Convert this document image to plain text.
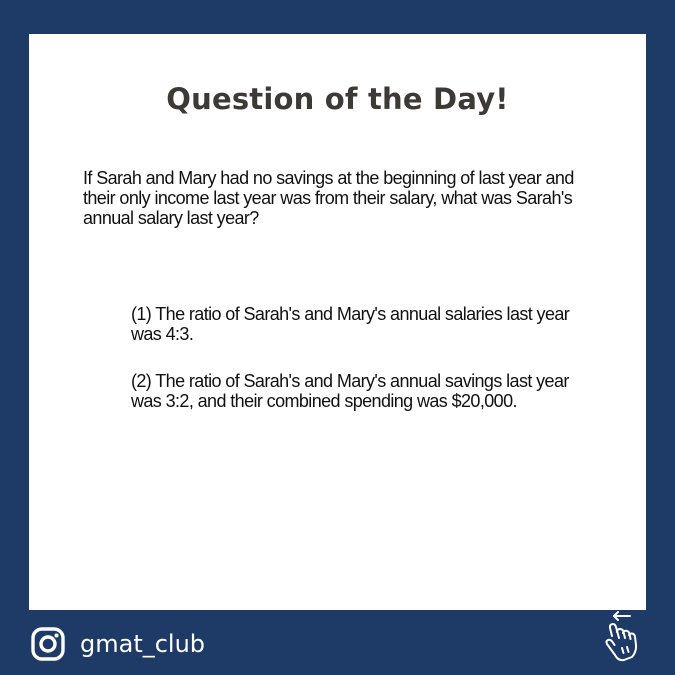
Question of the Day!

If Sarah and Mary had no savings at the beginning of last year and their only income last year was from their salary, what was Sarah's annual salary last year?

(1) The ratio of Sarah's and Mary's annual salaries last year was 4:3.
(2) The ratio of Sarah's and Mary's annual savings last year was 3:2, and their combined spending was $20,000.
gmat_club
